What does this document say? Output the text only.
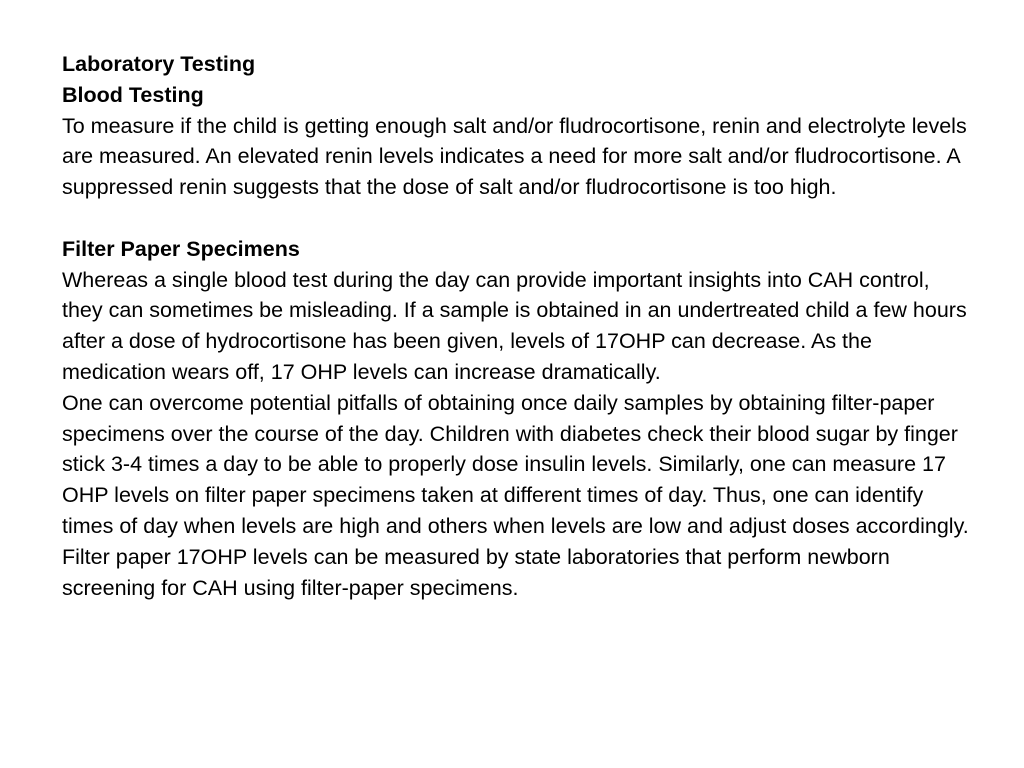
Laboratory Testing

Blood Testing

To measure if the child is getting enough salt and/or fludrocortisone, renin and electrolyte levels are measured. An elevated renin levels indicates a need for more salt and/or fludrocortisone. A suppressed renin suggests that the dose of salt and/or fludrocortisone is too high.

Filter Paper Specimens

Whereas a single blood test during the day can provide important insights into CAH control, they can sometimes be misleading. If a sample is obtained in an undertreated child a few hours after a dose of hydrocortisone has been given, levels of 17OHP can decrease. As the medication wears off, 17 OHP levels can increase dramatically.

One can overcome potential pitfalls of obtaining once daily samples by obtaining filter-paper specimens over the course of the day. Children with diabetes check their blood sugar by finger stick 3-4 times a day to be able to properly dose insulin levels. Similarly, one can measure 17 OHP levels on filter paper specimens taken at different times of day. Thus, one can identify times of day when levels are high and others when levels are low and adjust doses accordingly. Filter paper 17OHP levels can be measured by state laboratories that perform newborn screening for CAH using filter-paper specimens.
